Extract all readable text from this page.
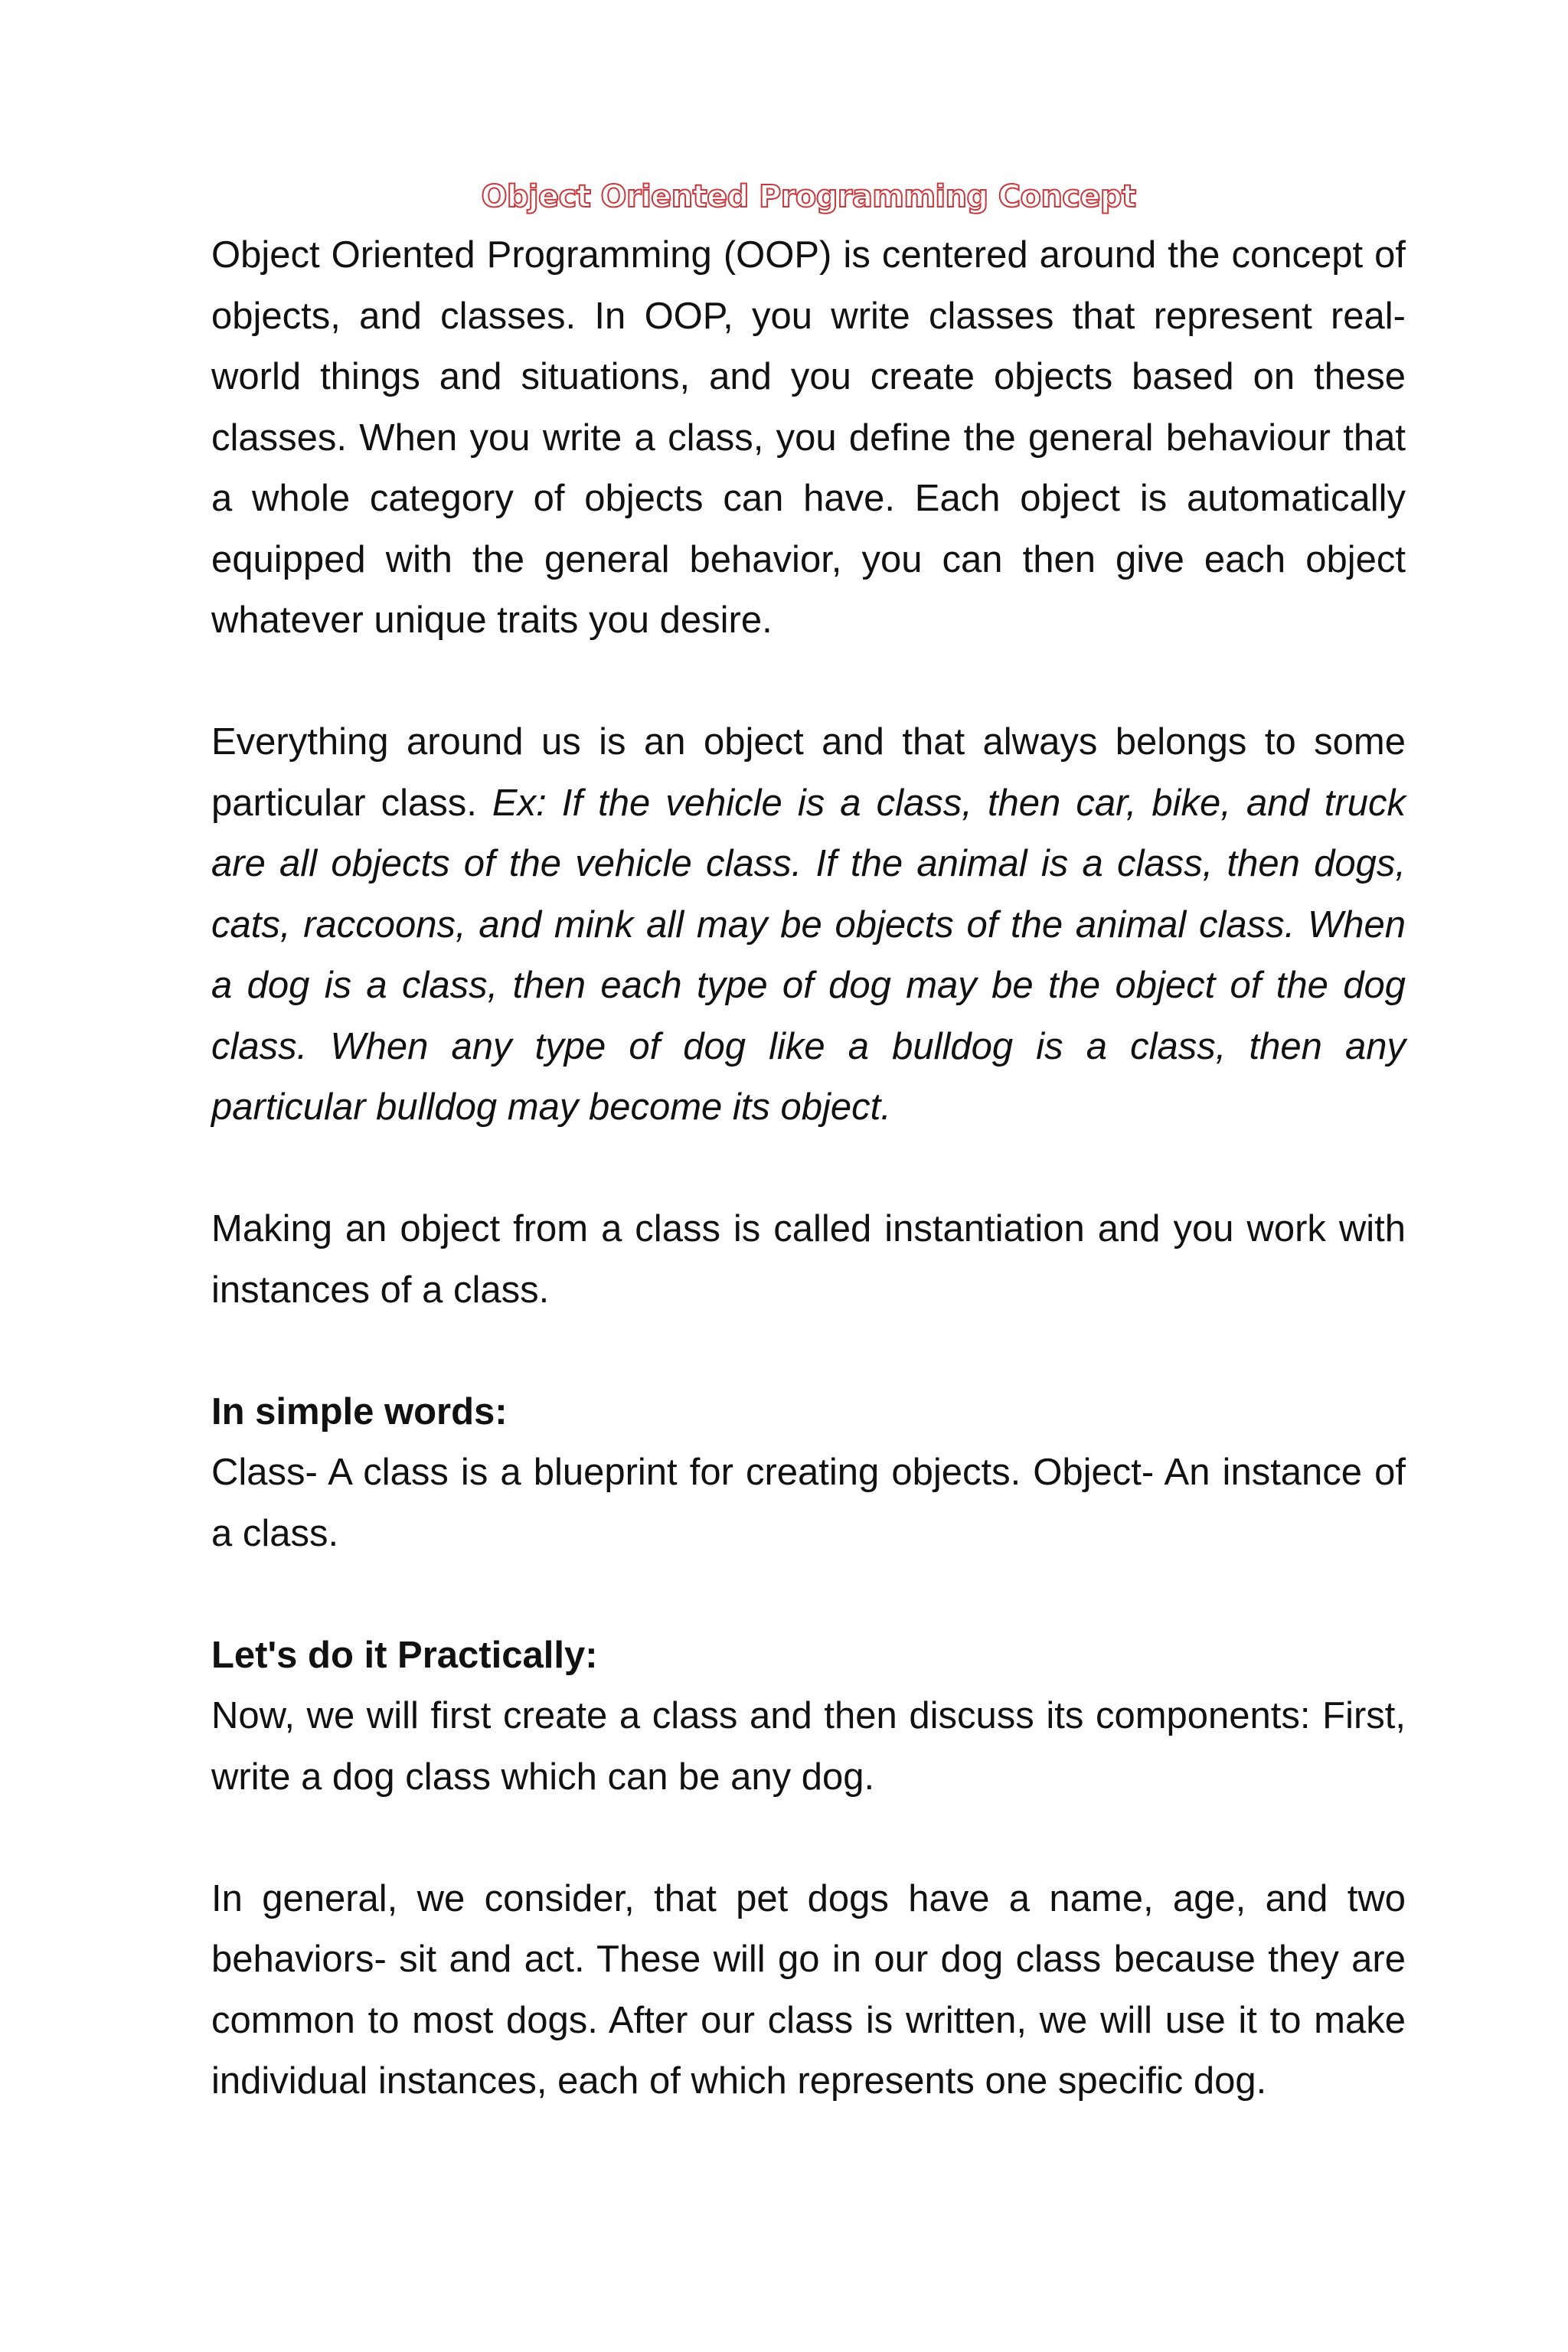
Object Oriented Programming Concept

Object Oriented Programming (OOP) is centered around the concept of objects, and classes. In OOP, you write classes that represent real-world things and situations, and you create objects based on these classes. When you write a class, you define the general behaviour that a whole category of objects can have. Each object is automatically equipped with the general behavior, you can then give each object whatever unique traits you desire.

Everything around us is an object and that always belongs to some particular class. Ex: If the vehicle is a class, then car, bike, and truck are all objects of the vehicle class. If the animal is a class, then dogs, cats, raccoons, and mink all may be objects of the animal class. When a dog is a class, then each type of dog may be the object of the dog class. When any type of dog like a bulldog is a class, then any particular bulldog may become its object.

Making an object from a class is called instantiation and you work with instances of a class.

In simple words:

Class- A class is a blueprint for creating objects. Object- An instance of a class.

Let's do it Practically:

Now, we will first create a class and then discuss its components: First, write a dog class which can be any dog.

In general, we consider, that pet dogs have a name, age, and two behaviors- sit and act. These will go in our dog class because they are common to most dogs. After our class is written, we will use it to make individual instances, each of which represents one specific dog.
